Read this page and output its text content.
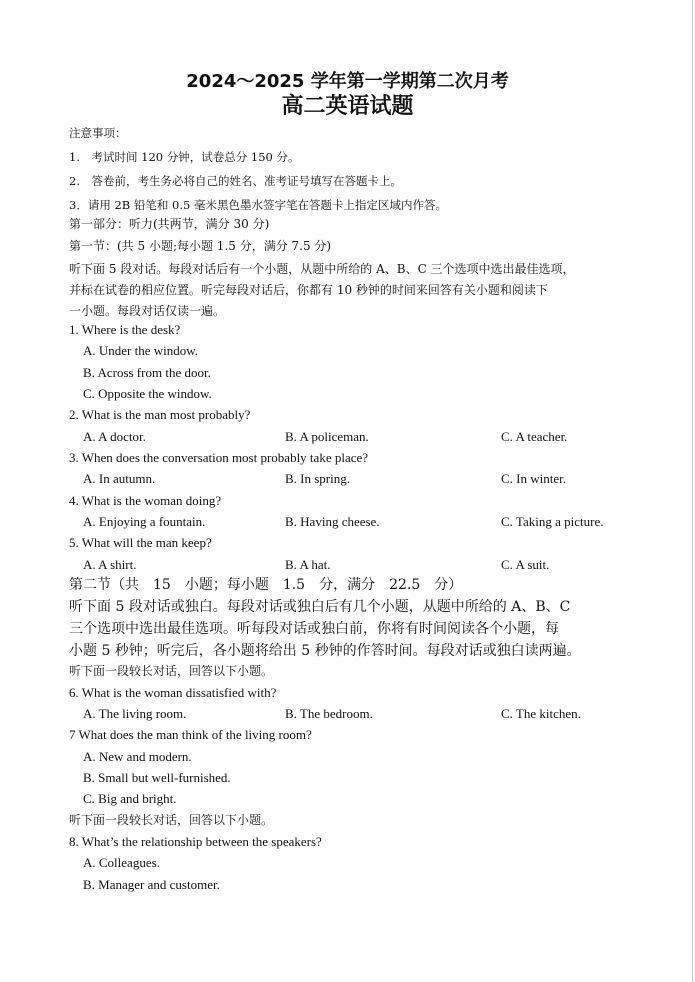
2024～2025 学年第一学期第二次月考
高二英语试题
注意事项：
1.　考试时间 120 分钟，试卷总分 150 分。
2.　答卷前，考生务必将自己的姓名、准考证号填写在答题卡上。
3．请用 2B 铅笔和 0.5 毫米黑色墨水签字笔在答题卡上指定区域内作答。
第一部分：听力(共两节，满分 30 分)
第一节：(共 5 小题;每小题 1.5 分，满分 7.5 分)
听下面 5 段对话。每段对话后有一个小题，从题中所给的 A、B、C 三个选项中选出最佳选项，
并标在试卷的相应位置。听完每段对话后，你都有 10 秒钟的时间来回答有关小题和阅读下
一小题。每段对话仅读一遍。
1. Where is the desk?
A. Under the window.
B. Across from the door.
C. Opposite the window.
2. What is the man most probably?
A. A doctor.	B. A policeman.	C. A teacher.
3. When does the conversation most probably take place?
A. In autumn.	B. In spring.	C. In winter.
4. What is the woman doing?
A. Enjoying a fountain.	B. Having cheese.	C. Taking a picture.
5. What will the man keep?
A. A shirt.	B. A hat.	C. A suit.
第二节（共　15　小题；每小题　1.5　分，满分　22.5　分）
听下面 5 段对话或独白。每段对话或独白后有几个小题，从题中所给的 A、B、C
三个选项中选出最佳选项。听每段对话或独白前，你将有时间阅读各个小题，每
小题 5 秒钟；听完后，各小题将给出 5 秒钟的作答时间。每段对话或独白读两遍。
听下面一段较长对话，回答以下小题。
6. What is the woman dissatisfied with?
A. The living room.	B. The bedroom.	C. The kitchen.
7 What does the man think of the living room?
A. New and modern.
B. Small but well-furnished.
C. Big and bright.
听下面一段较长对话，回答以下小题。
8. What’s the relationship between the speakers?
A. Colleagues.
B. Manager and customer.
